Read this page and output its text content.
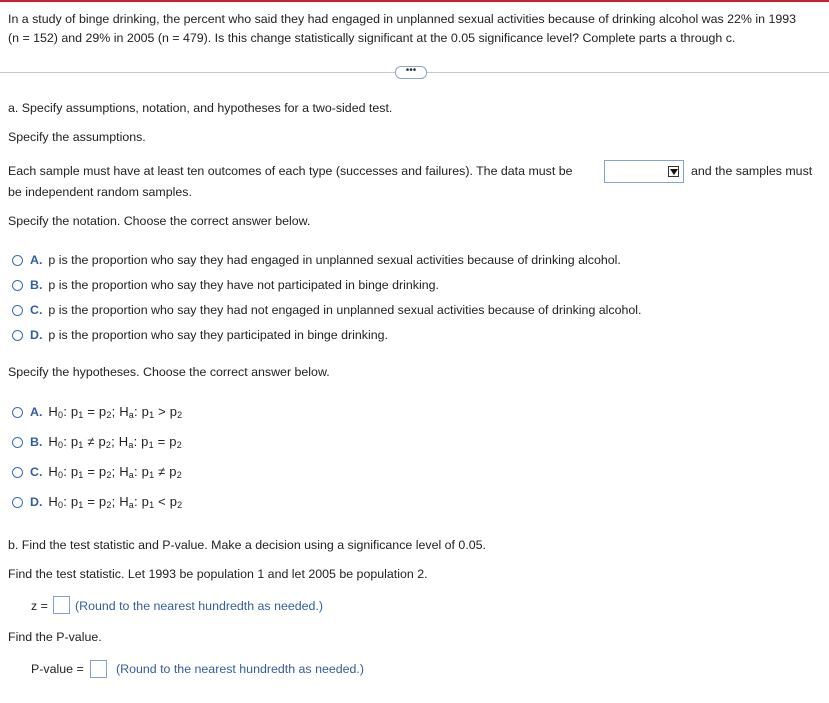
In a study of binge drinking, the percent who said they had engaged in unplanned sexual activities because of drinking alcohol was 22% in 1993
(n = 152) and 29% in 2005 (n = 479). Is this change statistically significant at the 0.05 significance level? Complete parts a through c.
•••
a. Specify assumptions, notation, and hypotheses for a two-sided test.
Specify the assumptions.
Each sample must have at least ten outcomes of each type (successes and failures). The data must be	and the samples must
be independent random samples.
Specify the notation. Choose the correct answer below.
A. p is the proportion who say they had engaged in unplanned sexual activities because of drinking alcohol.
B. p is the proportion who say they have not participated in binge drinking.
C. p is the proportion who say they had not engaged in unplanned sexual activities because of drinking alcohol.
D. p is the proportion who say they participated in binge drinking.
Specify the hypotheses. Choose the correct answer below.
A. $H_0$: $p_1 = p_2$; $H_a$: $p_1 > p_2$
B. $H_0$: $p_1 \ne p_2$; $H_a$: $p_1 = p_2$
C. $H_0$: $p_1 = p_2$; $H_a$: $p_1 \ne p_2$
D. $H_0$: $p_1 = p_2$; $H_a$: $p_1 < p_2$
b. Find the test statistic and P-value. Make a decision using a significance level of 0.05.
Find the test statistic. Let 1993 be population 1 and let 2005 be population 2.
z = (Round to the nearest hundredth as needed.)
Find the P-value.
P-value =	(Round to the nearest hundredth as needed.)
